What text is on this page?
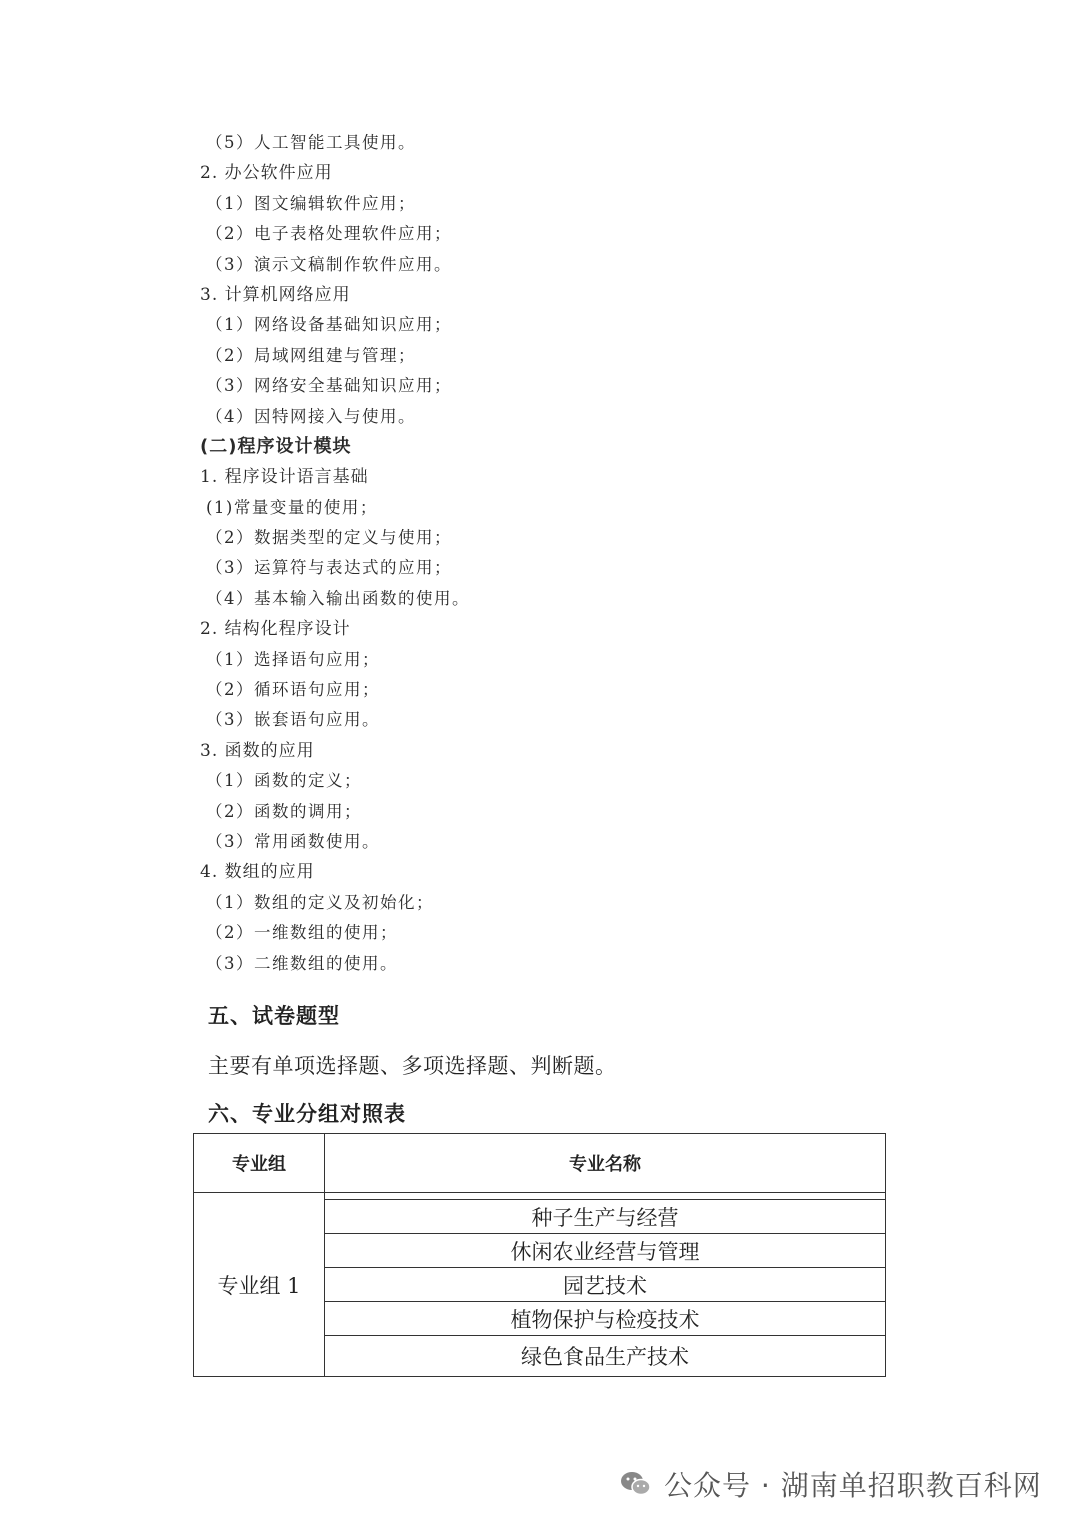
（5）人工智能工具使用。
2. 办公软件应用
（1）图文编辑软件应用；
（2）电子表格处理软件应用；
（3）演示文稿制作软件应用。
3. 计算机网络应用
（1）网络设备基础知识应用；
（2）局域网组建与管理；
（3）网络安全基础知识应用；
（4）因特网接入与使用。
(二)程序设计模块
1. 程序设计语言基础
(1)常量变量的使用；
（2）数据类型的定义与使用；
（3）运算符与表达式的应用；
（4）基本输入输出函数的使用。
2. 结构化程序设计
（1）选择语句应用；
（2）循环语句应用；
（3）嵌套语句应用。
3. 函数的应用
（1）函数的定义；
（2）函数的调用；
（3）常用函数使用。
4. 数组的应用
（1）数组的定义及初始化；
（2）一维数组的使用；
（3）二维数组的使用。
五、试卷题型
主要有单项选择题、多项选择题、判断题。
六、专业分组对照表
专业组	专业名称
专业组 1	
	种子生产与经营
	休闲农业经营与管理
	园艺技术
	植物保护与检疫技术
	绿色食品生产技术
公众号 · 湖南单招职教百科网
